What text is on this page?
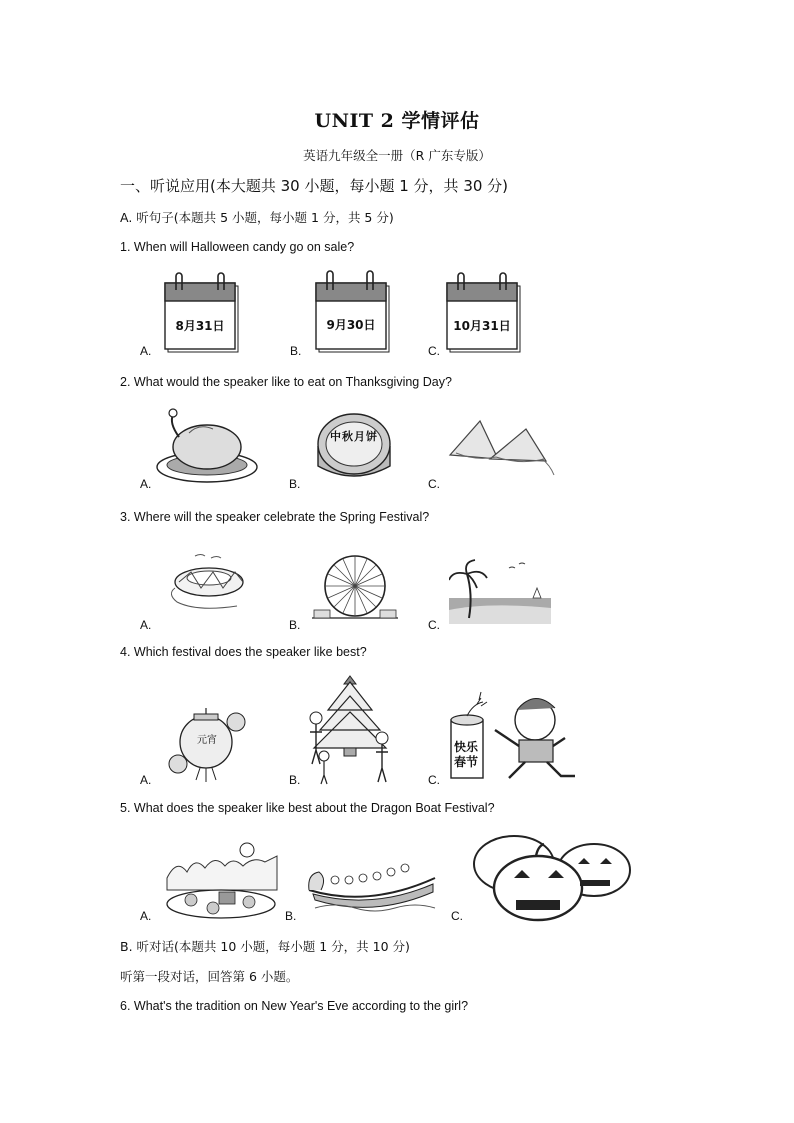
UNIT 2 学情评估
英语九年级全一册（R 广东专版）
一、听说应用(本大题共 30 小题，每小题 1 分，共 30 分)
A. 听句子(本题共 5 小题，每小题 1 分，共 5 分)
1. When will Halloween candy go on sale?
A.
8月31日
B.
9月30日
C.
10月31日
2. What would the speaker like to eat on Thanksgiving Day?
A.	B.
中秋月饼
C.
3. Where will the speaker celebrate the Spring Festival?
A.	B.	C.
4. Which festival does the speaker like best?
A.
元宵
B.	C.
快乐春节
5. What does the speaker like best about the Dragon Boat Festival?
A.	B.	C.
B. 听对话(本题共 10 小题，每小题 1 分，共 10 分)
听第一段对话，回答第 6 小题。
6. What's the tradition on New Year's Eve according to the girl?
